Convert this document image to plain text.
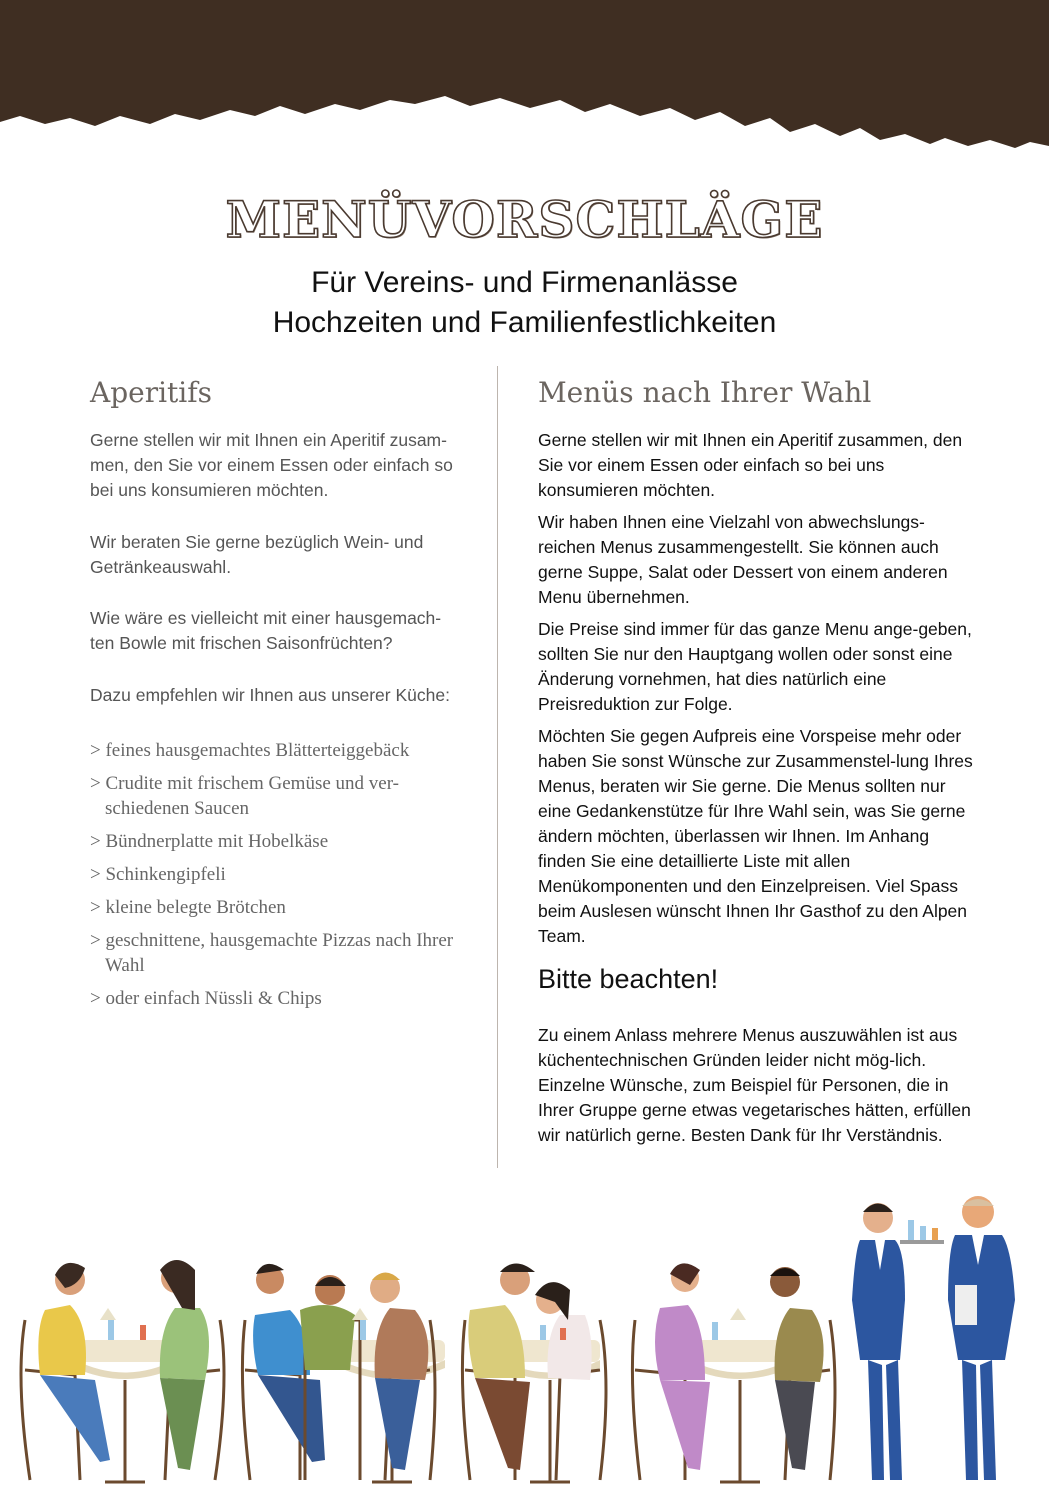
MENÜVORSCHLÄGE
Für Vereins- und Firmenanlässe
Hochzeiten und Familienfestlichkeiten
Aperitifs

Gerne stellen wir mit Ihnen ein Aperitif zusam-men, den Sie vor einem Essen oder einfach so bei uns konsumieren möchten.

Wir beraten Sie gerne bezüglich Wein- und Getränkeauswahl.

Wie wäre es vielleicht mit einer hausgemach-ten Bowle mit frischen Saisonfrüchten?

Dazu empfehlen wir Ihnen aus unserer Küche:

> feines hausgemachtes Blätterteiggebäck
> Crudite mit frischem Gemüse und ver-schiedenen Saucen
> Bündnerplatte mit Hobelkäse
> Schinkengipfeli
> kleine belegte Brötchen
> geschnittene, hausgemachte Pizzas nach Ihrer Wahl
> oder einfach Nüssli & Chips
Menüs nach Ihrer Wahl

Gerne stellen wir mit Ihnen ein Aperitif zusammen, den Sie vor einem Essen oder einfach so bei uns konsumieren möchten.

Wir haben Ihnen eine Vielzahl von abwechslungs-reichen Menus zusammengestellt. Sie können auch gerne Suppe, Salat oder Dessert von einem anderen Menu übernehmen.

Die Preise sind immer für das ganze Menu ange-geben, sollten Sie nur den Hauptgang wollen oder sonst eine Änderung vornehmen, hat dies natürlich eine Preisreduktion zur Folge.

Möchten Sie gegen Aufpreis eine Vorspeise mehr oder haben Sie sonst Wünsche zur Zusammenstel-lung Ihres Menus, beraten wir Sie gerne. Die Menus sollten nur eine Gedankenstütze für Ihre Wahl sein, was Sie gerne ändern möchten, überlassen wir Ihnen. Im Anhang finden Sie eine detaillierte Liste mit allen Menükomponenten und den Einzelpreisen. Viel Spass beim Auslesen wünscht Ihnen Ihr Gasthof zu den Alpen Team.

Bitte beachten!

Zu einem Anlass mehrere Menus auszuwählen ist aus küchentechnischen Gründen leider nicht mög-lich. Einzelne Wünsche, zum Beispiel für Personen, die in Ihrer Gruppe gerne etwas vegetarisches hätten, erfüllen wir natürlich gerne. Besten Dank für Ihr Verständnis.
